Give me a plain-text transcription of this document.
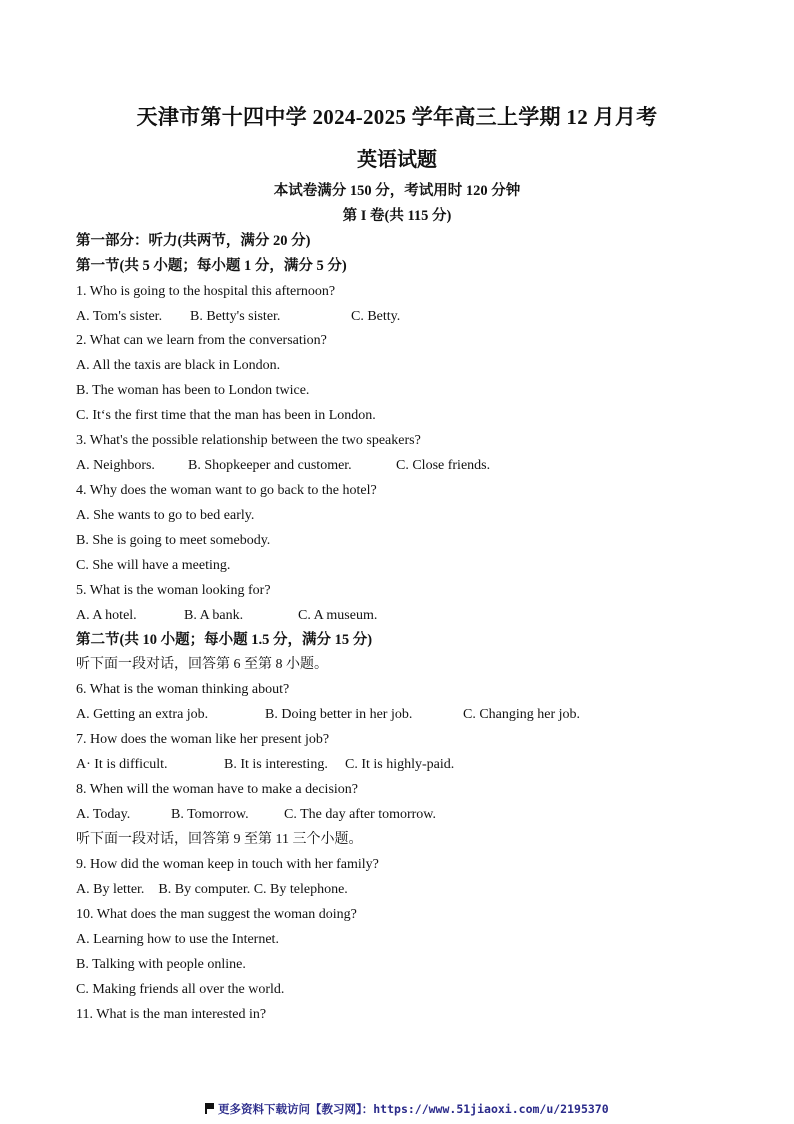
天津市第十四中学 2024-2025 学年高三上学期 12 月月考
英语试题
本试卷满分 150 分，考试用时 120 分钟
第 I 卷(共 115 分)
第一部分：听力(共两节，满分 20 分)
第一节(共 5 小题；每小题 1 分，满分 5 分)
1. Who is going to the hospital this afternoon?
A. Tom's sister. B. Betty's sister.	C. Betty.
2. What can we learn from the conversation?
A. All the taxis are black in London.
B. The woman has been to London twice.
C. It‘s the first time that the man has been in London.
3. What's the possible relationship between the two speakers?
A. Neighbors. B. Shopkeeper and customer.	C. Close friends.
4. Why does the woman want to go back to the hotel?
A. She wants to go to bed early.
B. She is going to meet somebody.
C. She will have a meeting.
5. What is the woman looking for?
A. A hotel.	B. A bank.	C. A museum.
第二节(共 10 小题；每小题 1.5 分，满分 15 分)
听下面一段对话，回答第 6 至第 8 小题。
6. What is the woman thinking about?
A. Getting an extra job.	B. Doing better in her job.	C. Changing her job.
7. How does the woman like her present job?
A· It is difficult.	B. It is interesting. C. It is highly-paid.
8. When will the woman have to make a decision?
A. Today.	B. Tomorrow.	C. The day after tomorrow.
听下面一段对话，回答第 9 至第 11 三个小题。
9. How did the woman keep in touch with her family?
A. By letter.    B. By computer. C. By telephone.
10. What does the man suggest the woman doing?
A. Learning how to use the Internet.
B. Talking with people online.
C. Making friends all over the world.
11. What is the man interested in?
更多资料下载访问【教习网】：https://www.51jiaoxi.com/u/2195370
